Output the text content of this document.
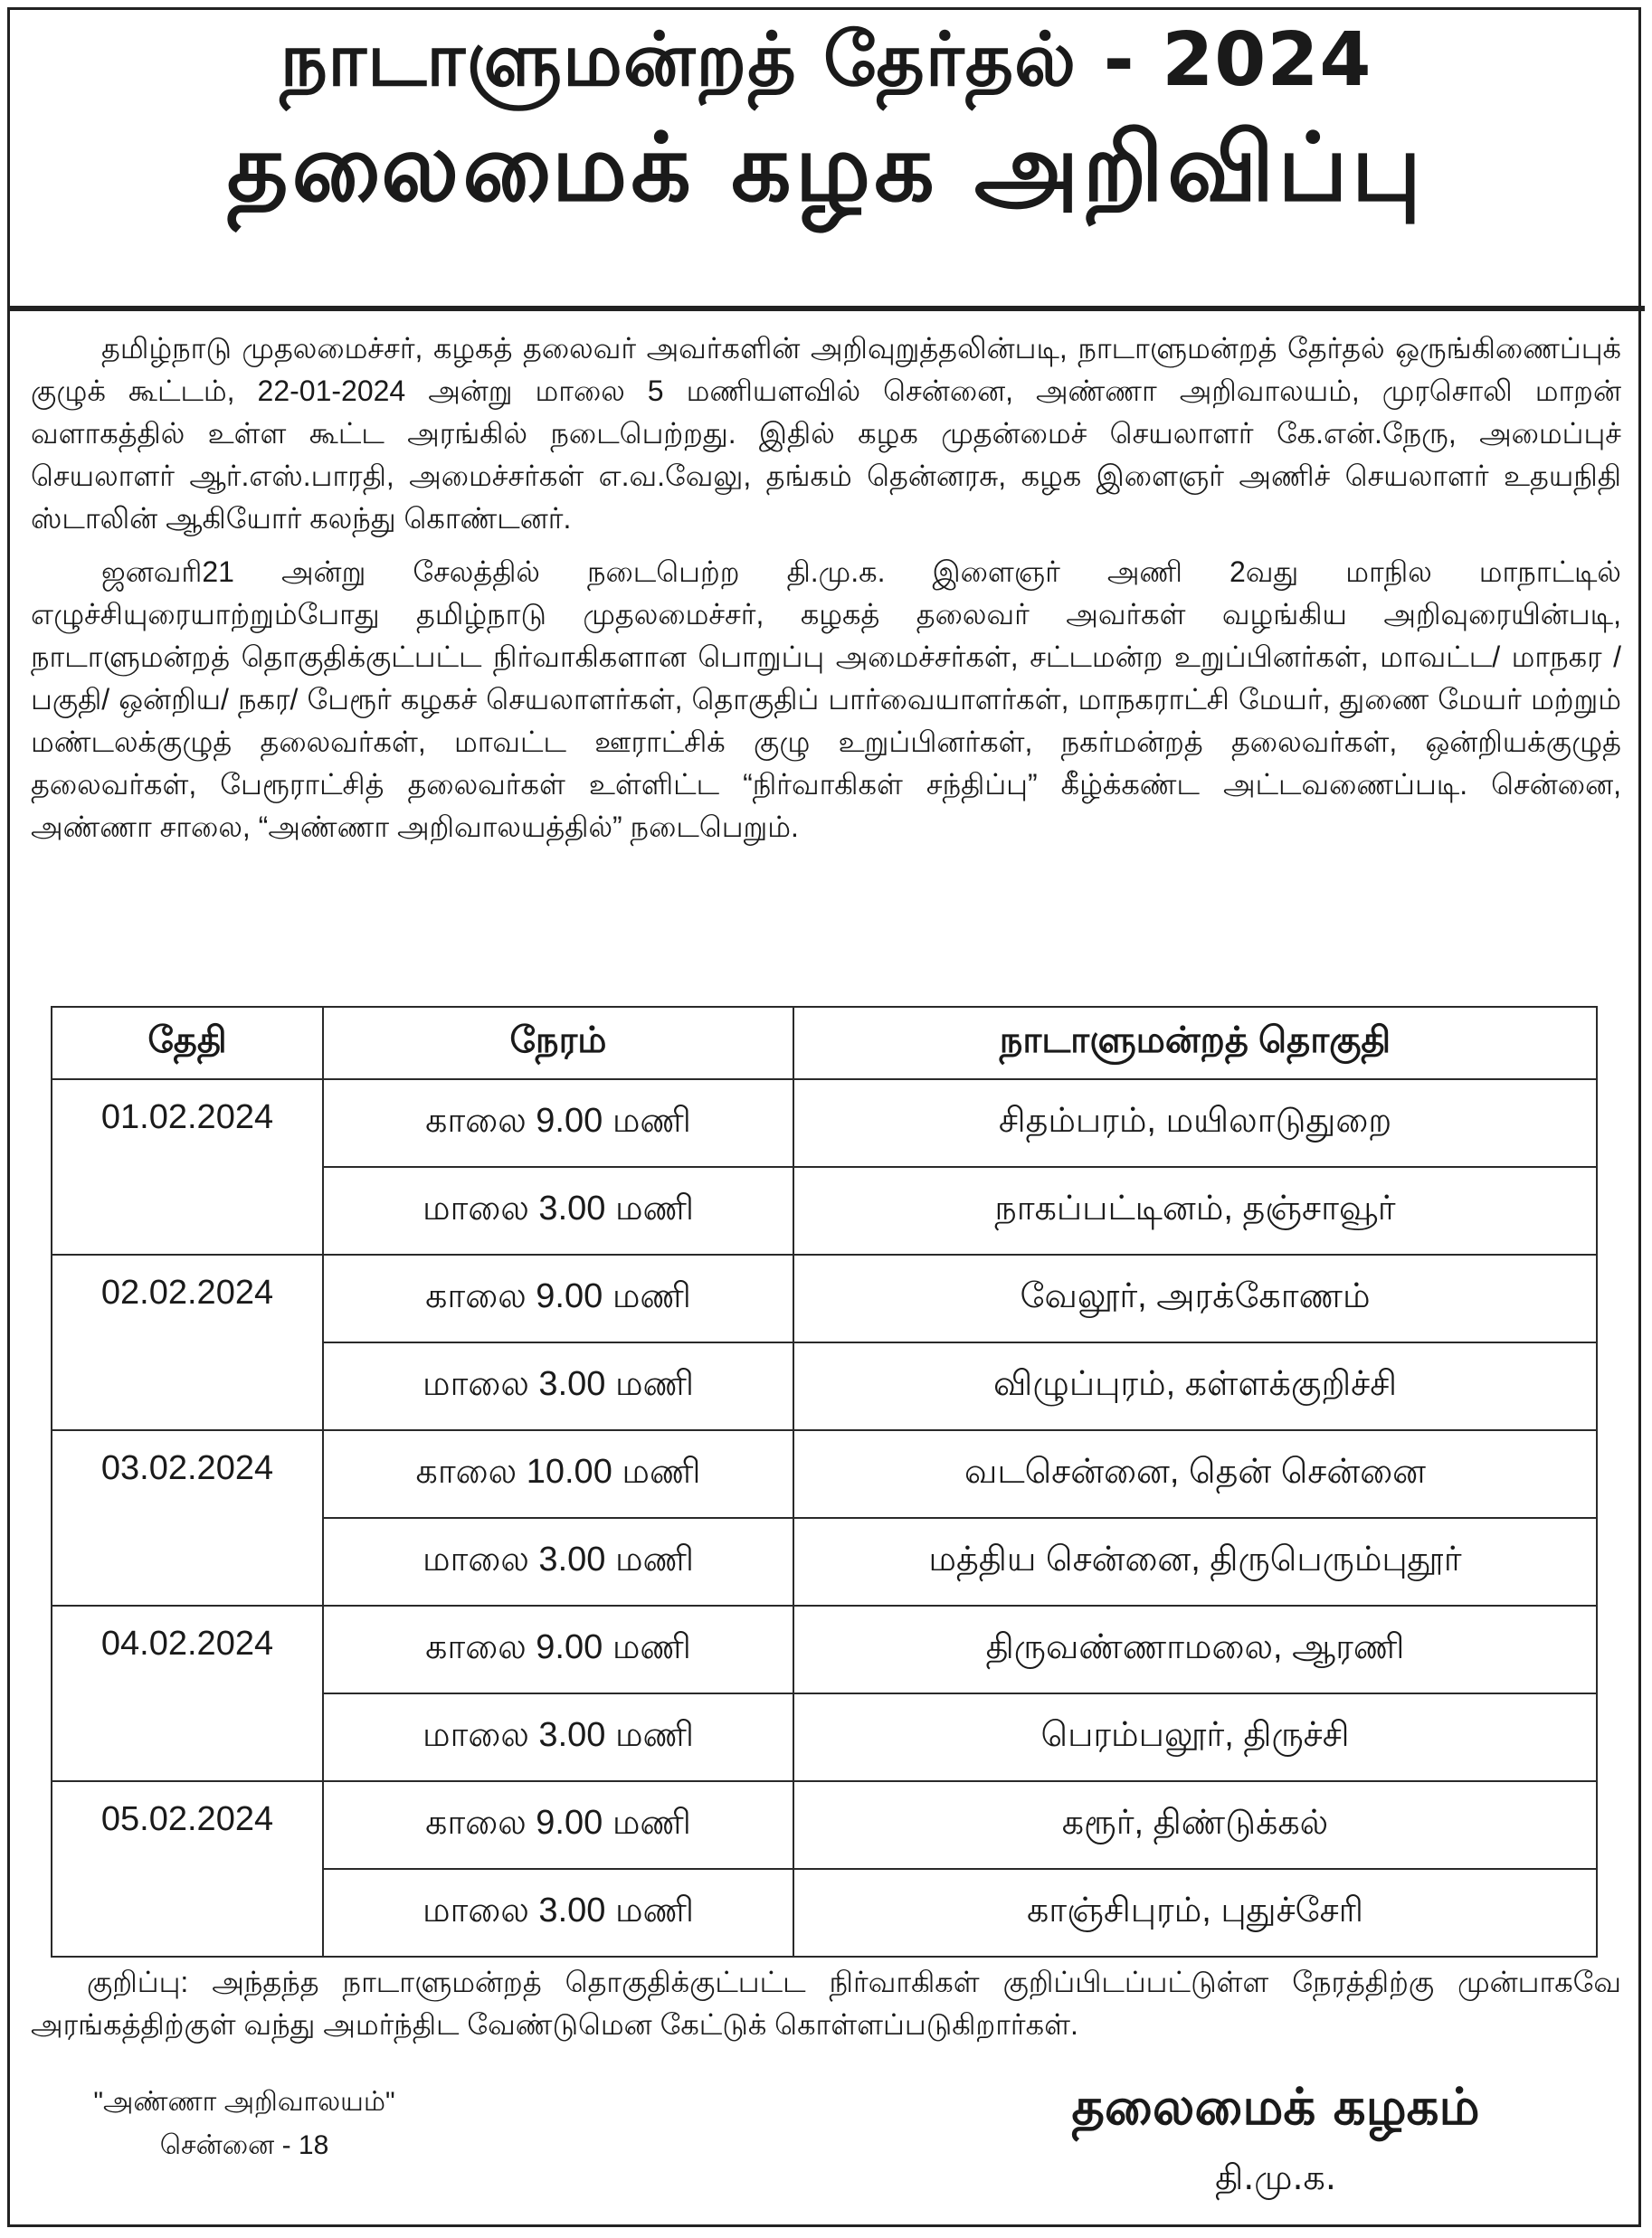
நாடாளுமன்றத் தேர்தல் - 2024
தலைமைக் கழக அறிவிப்பு

தமிழ்நாடு முதலமைச்சர், கழகத் தலைவர் அவர்களின் அறிவுறுத்தலின்படி, நாடாளுமன்றத் தேர்தல் ஒருங்கிணைப்புக் குழுக் கூட்டம், 22-01-2024 அன்று மாலை 5 மணியளவில் சென்னை, அண்ணா அறிவாலயம், முரசொலி மாறன் வளாகத்தில் உள்ள கூட்ட அரங்கில் நடைபெற்றது. இதில் கழக முதன்மைச் செயலாளர் கே.என்.நேரு, அமைப்புச் செயலாளர் ஆர்.எஸ்.பாரதி, அமைச்சர்கள் எ.வ.வேலு, தங்கம் தென்னரசு, கழக இளைஞர் அணிச் செயலாளர் உதயநிதி ஸ்டாலின் ஆகியோர் கலந்து கொண்டனர்.

ஜனவரி21 அன்று சேலத்தில் நடைபெற்ற தி.மு.க. இளைஞர் அணி 2வது மாநில மாநாட்டில் எழுச்சியுரையாற்றும்போது தமிழ்நாடு முதலமைச்சர், கழகத் தலைவர் அவர்கள் வழங்கிய அறிவுரையின்படி, நாடாளுமன்றத் தொகுதிக்குட்பட்ட நிர்வாகிகளான பொறுப்பு அமைச்சர்கள், சட்டமன்ற உறுப்பினர்கள், மாவட்ட/ மாநகர / பகுதி/ ஒன்றிய/ நகர/ பேரூர் கழகச் செயலாளர்கள், தொகுதிப் பார்வையாளர்கள், மாநகராட்சி மேயர், துணை மேயர் மற்றும் மண்டலக்குழுத் தலைவர்கள், மாவட்ட ஊராட்சிக் குழு உறுப்பினர்கள், நகர்மன்றத் தலைவர்கள், ஒன்றியக்குழுத் தலைவர்கள், பேரூராட்சித் தலைவர்கள் உள்ளிட்ட “நிர்வாகிகள் சந்திப்பு” கீழ்க்கண்ட அட்டவணைப்படி. சென்னை, அண்ணா சாலை, “அண்ணா அறிவாலயத்தில்” நடைபெறும்.

தேதி	நேரம்	நாடாளுமன்றத் தொகுதி
01.02.2024	காலை 9.00 மணி	சிதம்பரம், மயிலாடுதுறை
	மாலை 3.00 மணி	நாகப்பட்டினம், தஞ்சாவூர்
02.02.2024	காலை 9.00 மணி	வேலூர், அரக்கோணம்
	மாலை 3.00 மணி	விழுப்புரம், கள்ளக்குறிச்சி
03.02.2024	காலை 10.00 மணி	வடசென்னை, தென் சென்னை
	மாலை 3.00 மணி	மத்திய சென்னை, திருபெரும்புதூர்
04.02.2024	காலை 9.00 மணி	திருவண்ணாமலை, ஆரணி
	மாலை 3.00 மணி	பெரம்பலூர், திருச்சி
05.02.2024	காலை 9.00 மணி	கரூர், திண்டுக்கல்
	மாலை 3.00 மணி	காஞ்சிபுரம், புதுச்சேரி

குறிப்பு: அந்தந்த நாடாளுமன்றத் தொகுதிக்குட்பட்ட நிர்வாகிகள் குறிப்பிடப்பட்டுள்ள நேரத்திற்கு முன்பாகவே அரங்கத்திற்குள் வந்து அமர்ந்திட வேண்டுமென கேட்டுக் கொள்ளப்படுகிறார்கள்.

"அண்ணா அறிவாலயம்"
சென்னை - 18
தலைமைக் கழகம்
தி.மு.க.
